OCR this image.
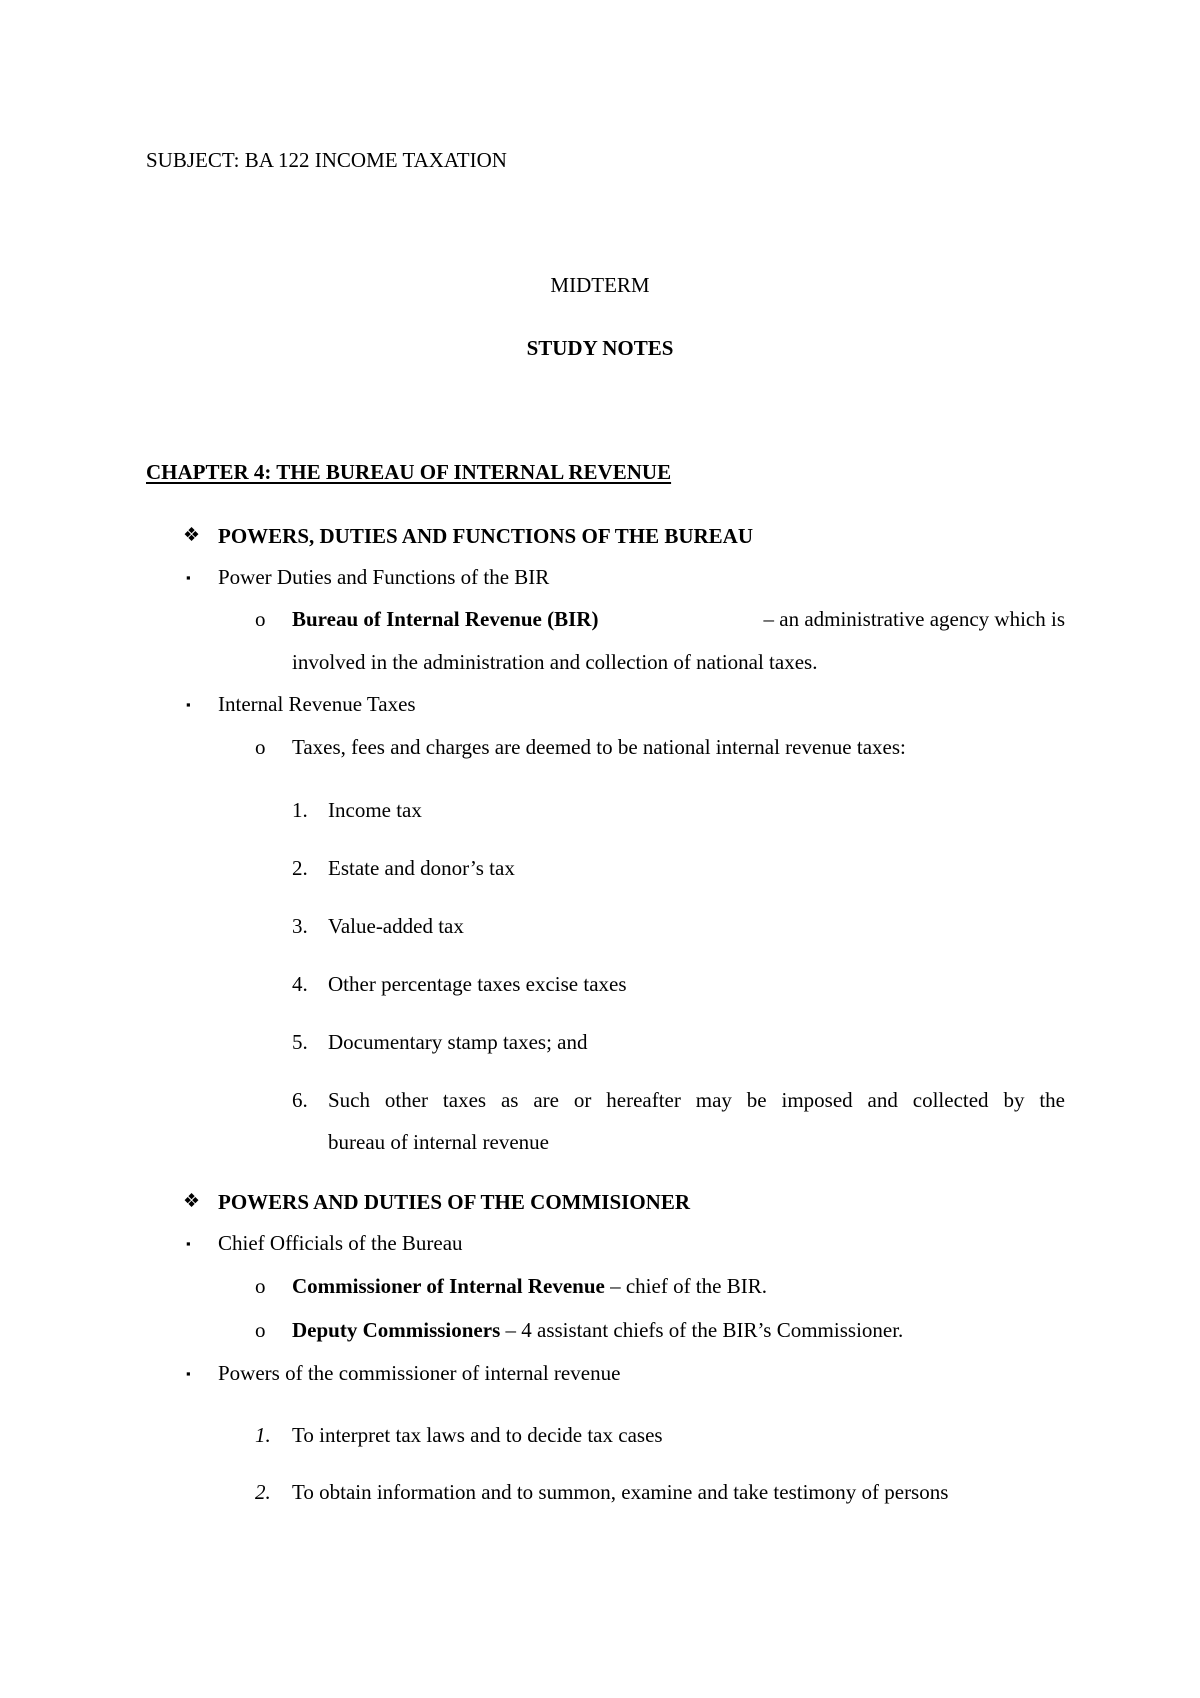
SUBJECT: BA 122 INCOME TAXATION
MIDTERM
STUDY NOTES
CHAPTER 4: THE BUREAU OF INTERNAL REVENUE
❖ POWERS, DUTIES AND FUNCTIONS OF THE BUREAU
▪ Power Duties and Functions of the BIR
o Bureau of Internal Revenue (BIR)	– an administrative agency which is
involved in the administration and collection of national taxes.
▪ Internal Revenue Taxes
o Taxes, fees and charges are deemed to be national internal revenue taxes:
1. Income tax
2. Estate and donor’s tax
3. Value-added tax
4. Other percentage taxes excise taxes
5. Documentary stamp taxes; and
6. Such other taxes as are or hereafter may be imposed and collected by the
bureau of internal revenue
❖ POWERS AND DUTIES OF THE COMMISIONER
▪ Chief Officials of the Bureau
o Commissioner of Internal Revenue – chief of the BIR.
o Deputy Commissioners – 4 assistant chiefs of the BIR’s Commissioner.
▪ Powers of the commissioner of internal revenue
1. To interpret tax laws and to decide tax cases
2. To obtain information and to summon, examine and take testimony of persons
